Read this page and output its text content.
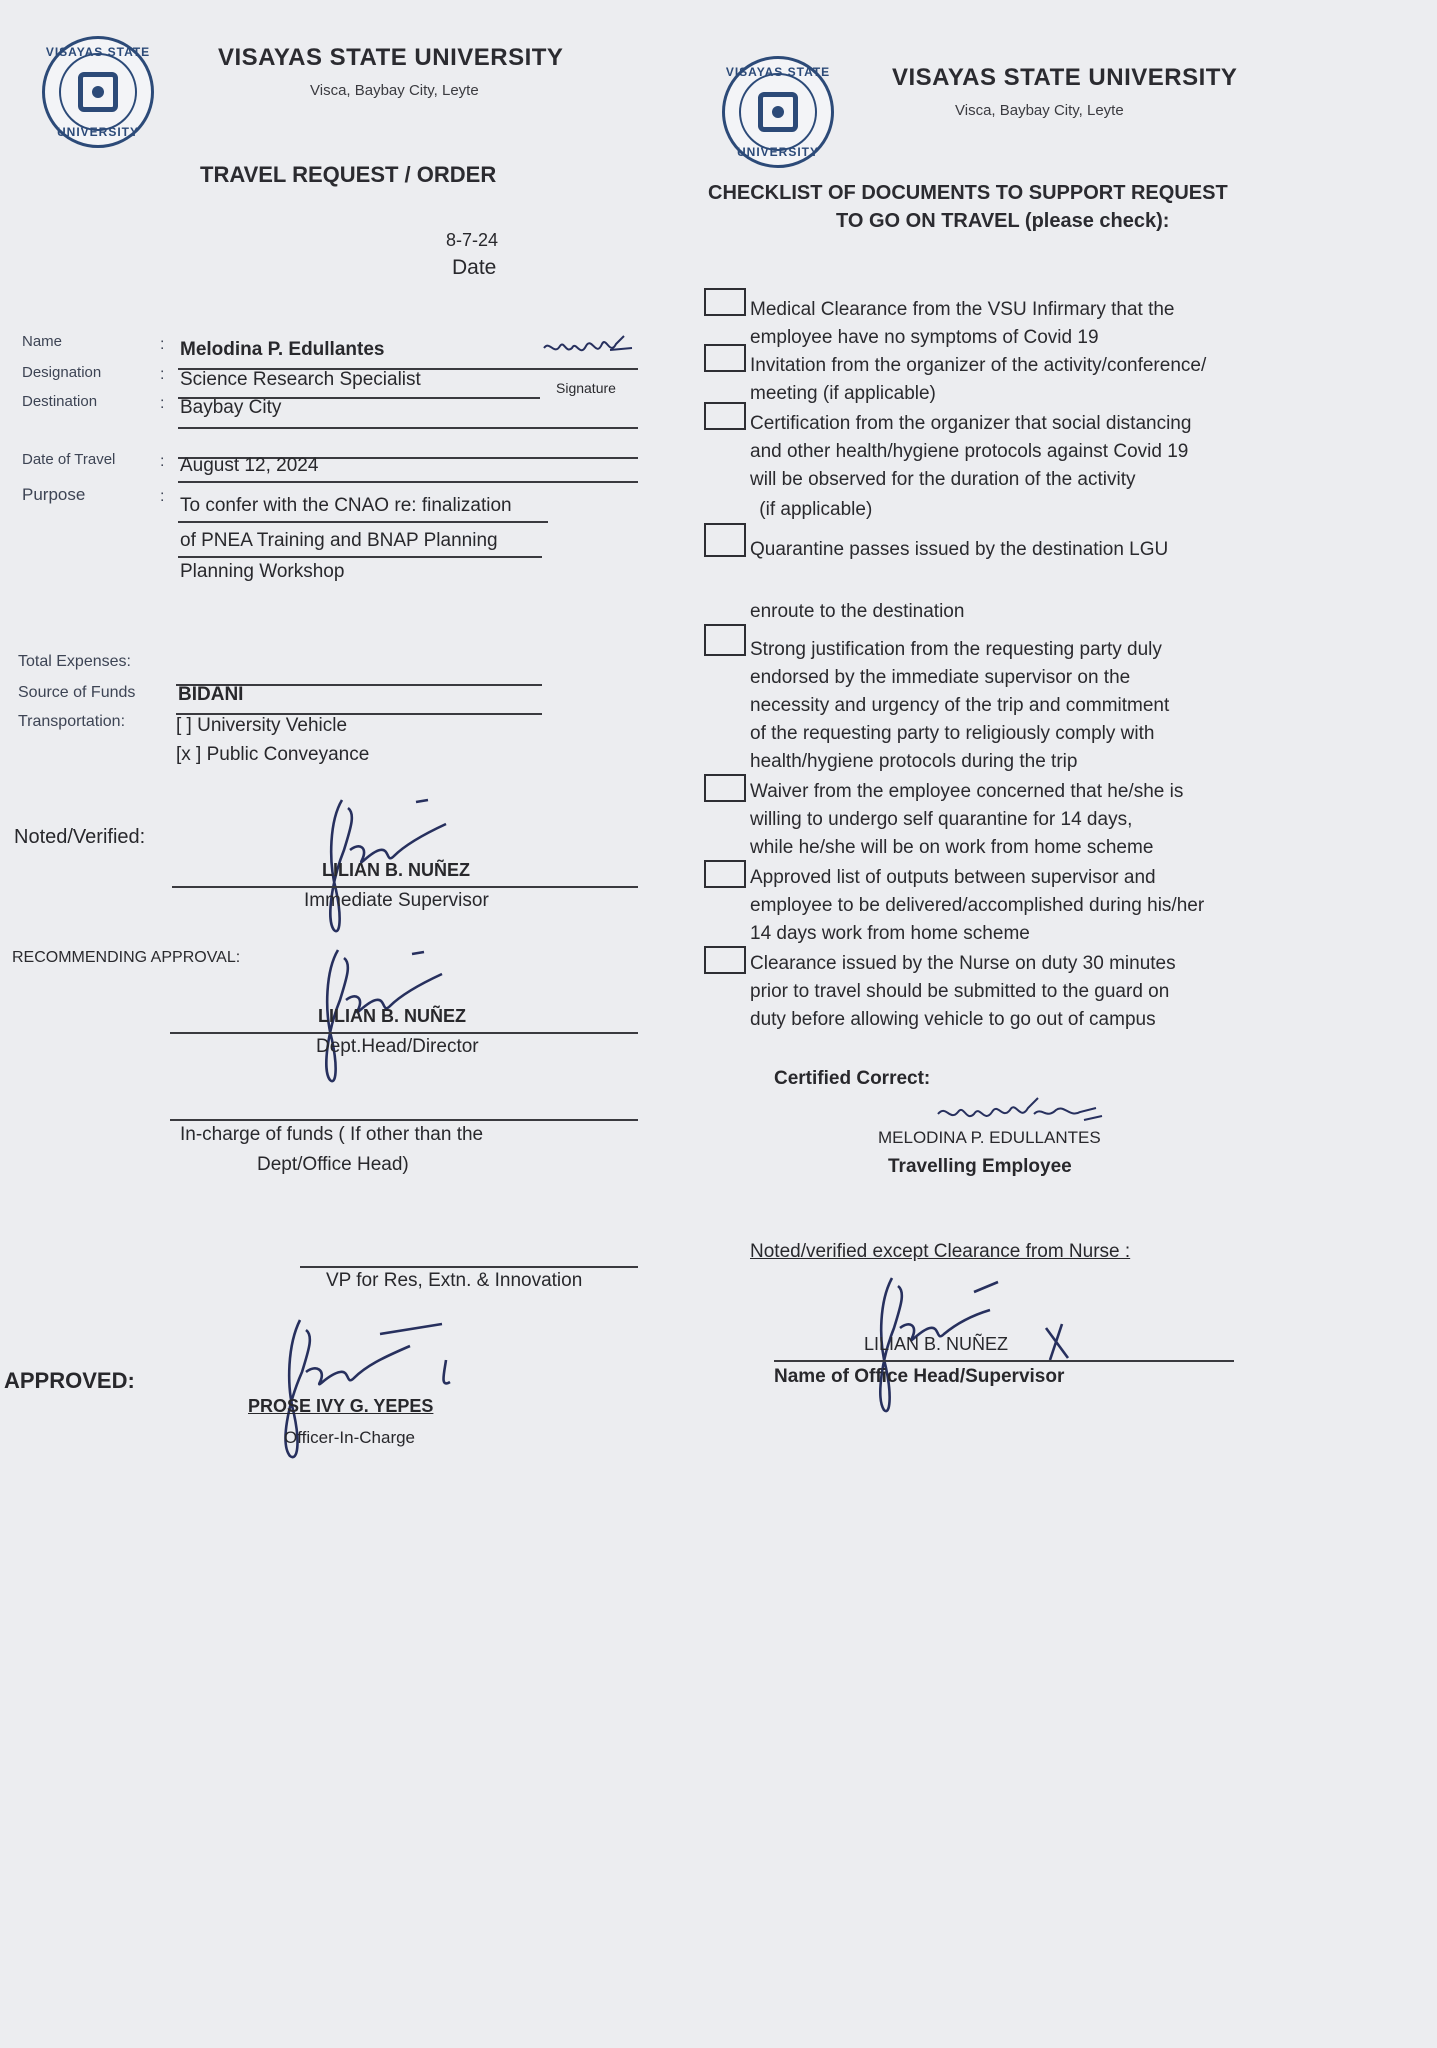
VISAYAS STATE
UNIVERSITY
VISAYAS STATE UNIVERSITY
Visca, Baybay City, Leyte
TRAVEL REQUEST / ORDER
8-7-24
Date
Name
Designation
Destination
Date of Travel
Purpose
:
:
:
:
:
Melodina P. Edullantes
Signature
Science Research Specialist
Baybay City
August 12, 2024
To confer with the CNAO re: finalization
of PNEA Training and BNAP Planning
Planning Workshop
Total Expenses:
Source of Funds BIDANI
Transportation:	[ ] University Vehicle
[x ] Public Conveyance
Noted/Verified:
LILIAN B. NUÑEZ
Immediate Supervisor
RECOMMENDING APPROVAL:
LILIAN B. NUÑEZ
Dept.Head/Director
In-charge of funds ( If other than the
Dept/Office Head)
VP for Res, Extn. & Innovation
APPROVED:
PROSE IVY G. YEPES
Officer-In-Charge
VISAYAS STATE
UNIVERSITY
VISAYAS STATE UNIVERSITY
Visca, Baybay City, Leyte
CHECKLIST OF DOCUMENTS TO SUPPORT REQUEST
TO GO ON TRAVEL (please check):
Medical Clearance from the VSU Infirmary that the
employee have no symptoms of Covid 19
Invitation from the organizer of the activity/conference/
meeting (if applicable)
Certification from the organizer that social distancing
and other health/hygiene protocols against Covid 19
will be observed for the duration of the activity
(if applicable)
Quarantine passes issued by the destination LGU
enroute to the destination
Strong justification from the requesting party duly
endorsed by the immediate supervisor on the
necessity and urgency of the trip and commitment
of the requesting party to religiously comply with
health/hygiene protocols during the trip
Waiver from the employee concerned that he/she is
willing to undergo self quarantine for 14 days,
while he/she will be on work from home scheme
Approved list of outputs between supervisor and
employee to be delivered/accomplished during his/her
14 days work from home scheme
Clearance issued by the Nurse on duty 30 minutes
prior to travel should be submitted to the guard on
duty before allowing vehicle to go out of campus
Certified Correct:
MELODINA P. EDULLANTES
Travelling Employee
Noted/verified except Clearance from Nurse :
LILIAN B. NUÑEZ
Name of Office Head/Supervisor
